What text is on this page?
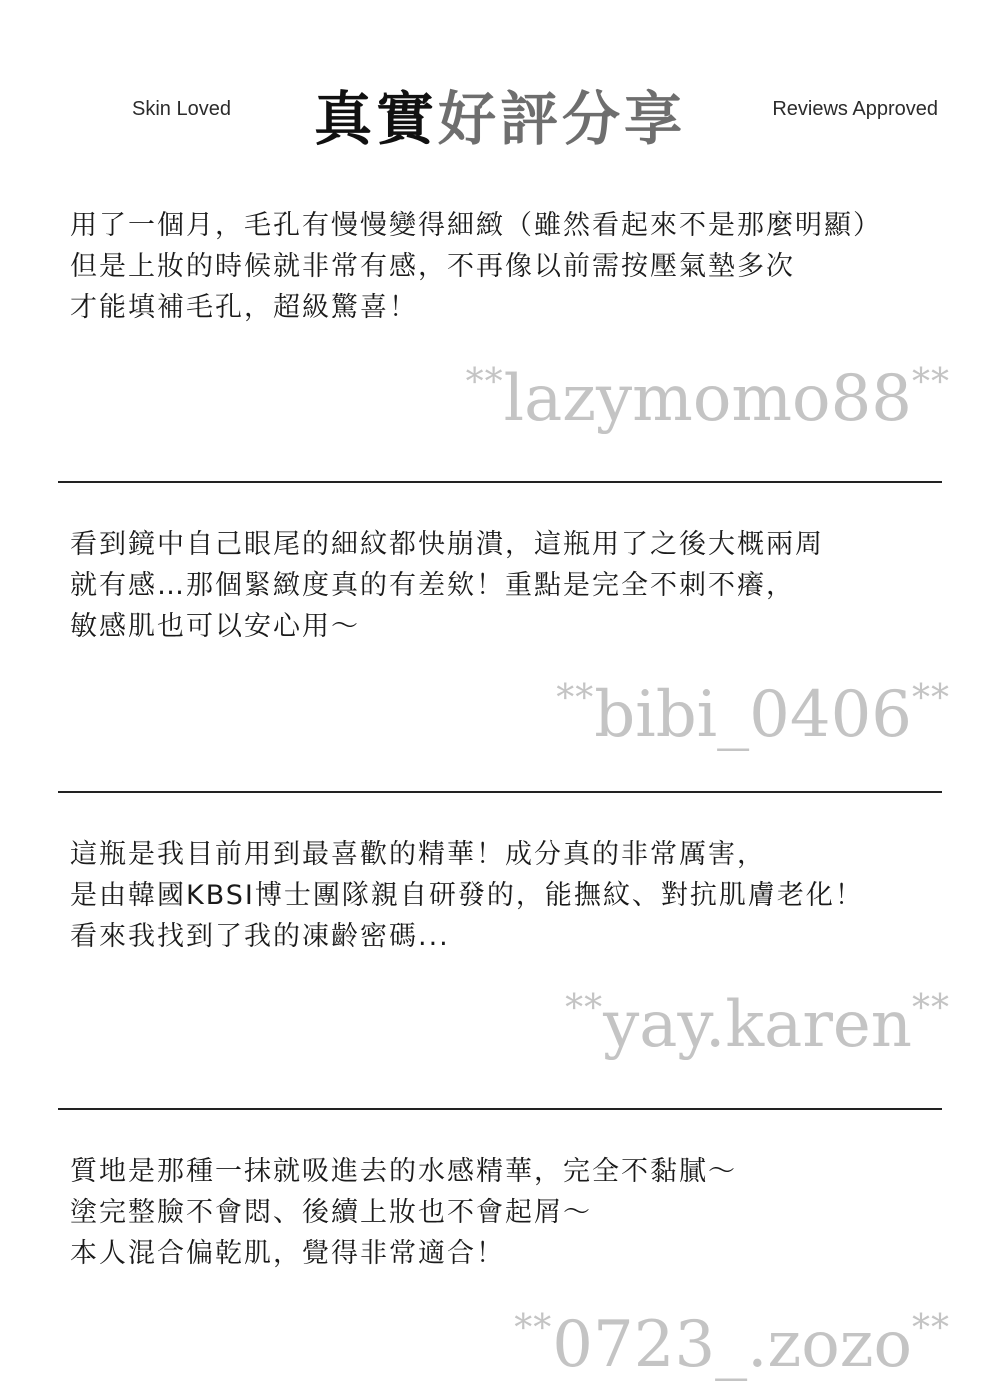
Skin Loved	真實好評分享	Reviews Approved
用了一個月，毛孔有慢慢變得細緻（雖然看起來不是那麼明顯）
但是上妝的時候就非常有感，不再像以前需按壓氣墊多次
才能填補毛孔，超級驚喜！
**lazymomo88**
看到鏡中自己眼尾的細紋都快崩潰，這瓶用了之後大概兩周
就有感…那個緊緻度真的有差欸！重點是完全不刺不癢，
敏感肌也可以安心用～
**bibi_0406**
這瓶是我目前用到最喜歡的精華！成分真的非常厲害，
是由韓國KBSI博士團隊親自研發的，能撫紋、對抗肌膚老化！
看來我找到了我的凍齡密碼...
**yay.karen**
質地是那種一抹就吸進去的水感精華，完全不黏膩～
塗完整臉不會悶、後續上妝也不會起屑～
本人混合偏乾肌，覺得非常適合！
**0723_.zozo**
